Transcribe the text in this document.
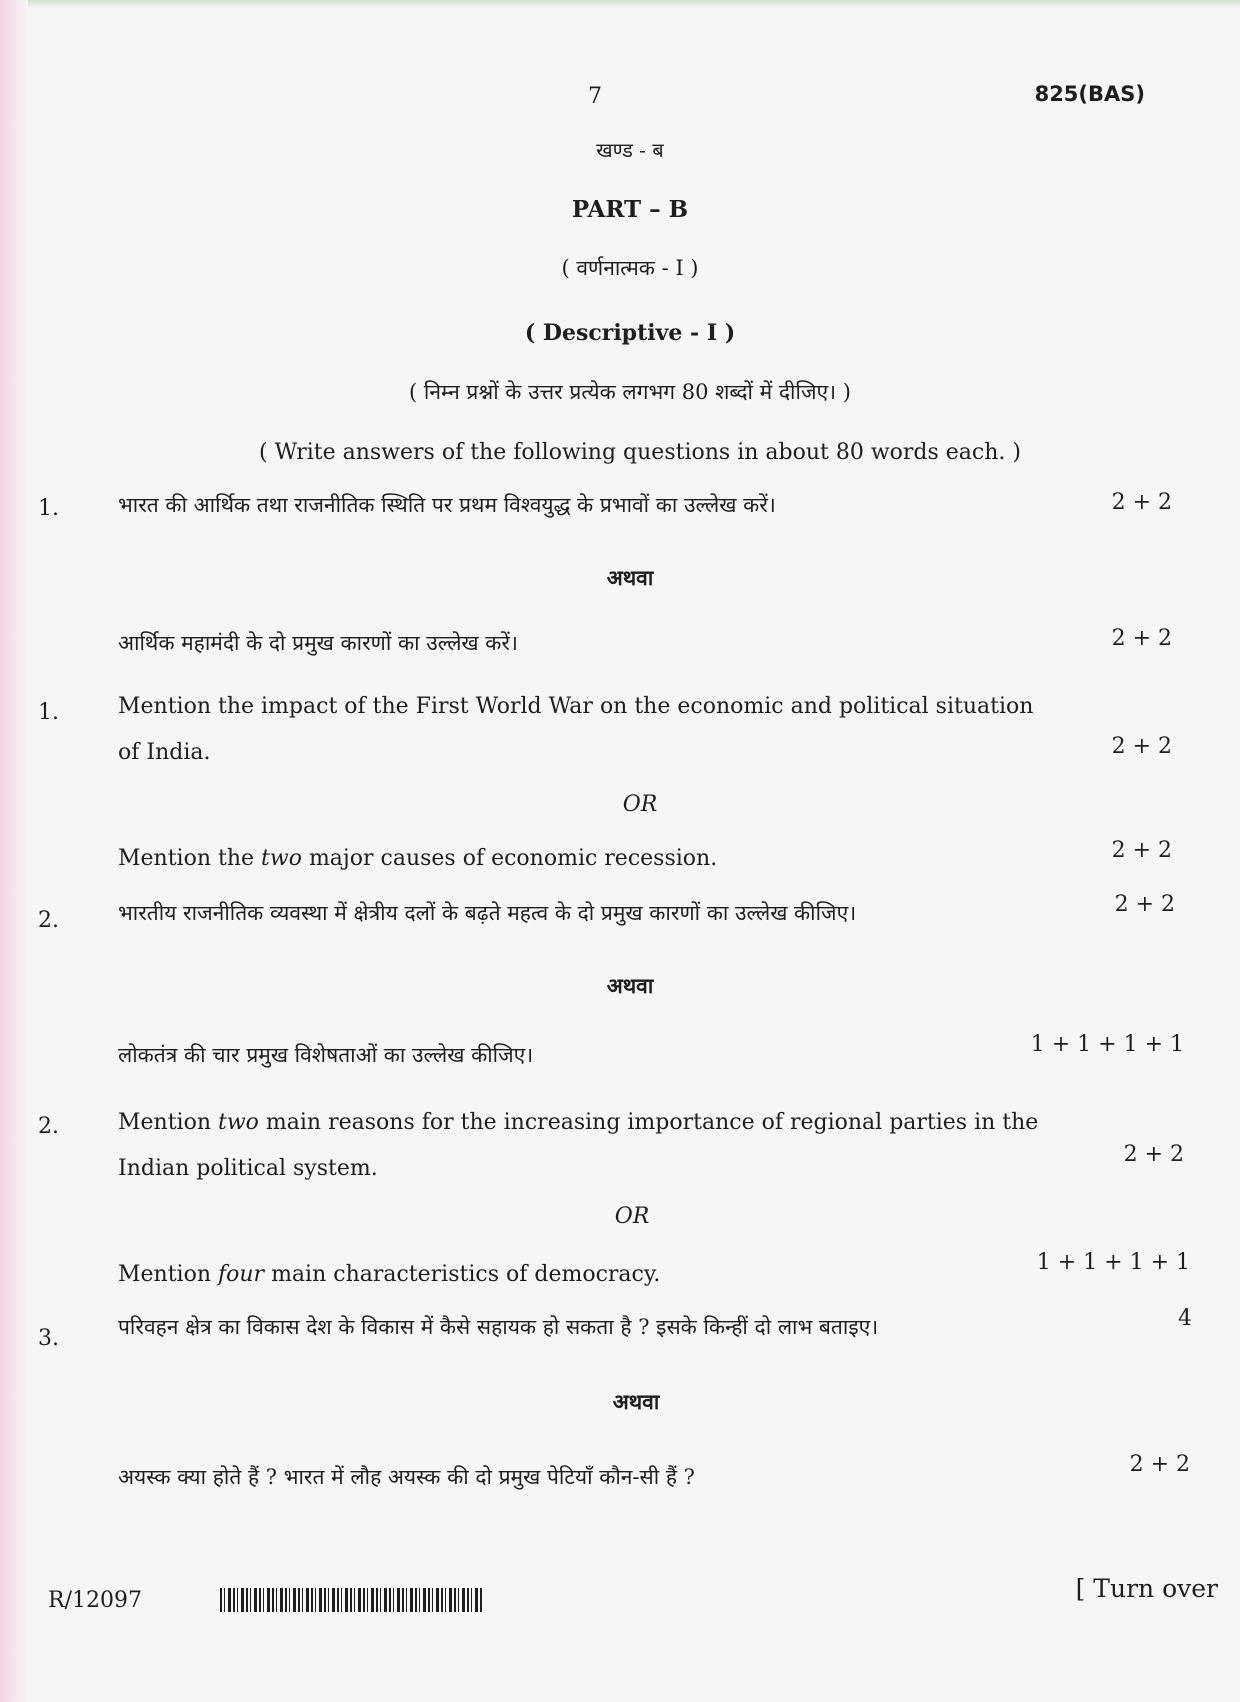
7	825(BAS)
खण्ड - ब
PART – B
( वर्णनात्मक - I )
( Descriptive - I )
( निम्न प्रश्नों के उत्तर प्रत्येक लगभग 80 शब्दों में दीजिए। )
( Write answers of the following questions in about 80 words each. )
1.	भारत की आर्थिक तथा राजनीतिक स्थिति पर प्रथम विश्वयुद्ध के प्रभावों का उल्लेख करें।	2 + 2
अथवा
आर्थिक महामंदी के दो प्रमुख कारणों का उल्लेख करें।	2 + 2
1.	Mention the impact of the First World War on the economic and political situation
of India.	2 + 2
OR
Mention the two major causes of economic recession.	2 + 2
2.	भारतीय राजनीतिक व्यवस्था में क्षेत्रीय दलों के बढ़ते महत्व के दो प्रमुख कारणों का उल्लेख कीजिए।	2 + 2
अथवा
लोकतंत्र की चार प्रमुख विशेषताओं का उल्लेख कीजिए।	1 + 1 + 1 + 1
2.	Mention two main reasons for the increasing importance of regional parties in the
Indian political system.
2 + 2
OR
Mention four main characteristics of democracy.	1 + 1 + 1 + 1
3.	परिवहन क्षेत्र का विकास देश के विकास में कैसे सहायक हो सकता है ? इसके किन्हीं दो लाभ बताइए।	4
अथवा
अयस्क क्या होते हैं ? भारत में लौह अयस्क की दो प्रमुख पेटियाँ कौन-सी हैं ?	2 + 2
R/12097	[ Turn over
